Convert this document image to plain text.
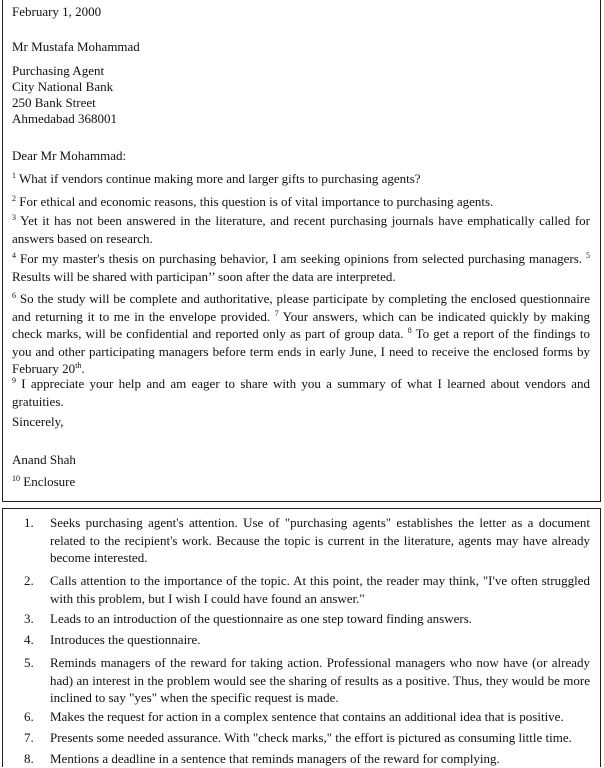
February 1, 2000
Mr Mustafa Mohammad
Purchasing Agent
City National Bank
250 Bank Street
Ahmedabad 368001
Dear Mr Mohammad:
$^1$ What if vendors continue making more and larger gifts to purchasing agents?
$^2$ For ethical and economic reasons, this question is of vital importance to purchasing agents.
$^3$ Yet it has not been answered in the literature, and recent purchasing journals have emphatically called for answers based on research.
$^4$ For my master's thesis on purchasing behavior, I am seeking opinions from selected purchasing managers. $^5$ Results will be shared with participan’’ soon after the data are interpreted.
$^6$ So the study will be complete and authoritative, please participate by completing the enclosed questionnaire and returning it to me in the envelope provided. $^7$ Your answers, which can be indicated quickly by making check marks, will be confidential and reported only as part of group data. $^8$ To get a report of the findings to you and other participating managers before term ends in early June, I need to receive the enclosed forms by February 20th.
$^9$ I appreciate your help and am eager to share with you a summary of what I learned about vendors and gratuities.
Sincerely,
Anand Shah
$^{10}$ Enclosure
1. Seeks purchasing agent's attention. Use of "purchasing agents" establishes the letter as a document related to the recipient's work. Because the topic is current in the literature, agents may have already become interested.
2. Calls attention to the importance of the topic. At this point, the reader may think, "I've often struggled with this problem, but I wish I could have found an answer."
3. Leads to an introduction of the questionnaire as one step toward finding answers.
4. Introduces the questionnaire.
5. Reminds managers of the reward for taking action. Professional managers who now have (or already had) an interest in the problem would see the sharing of results as a positive. Thus, they would be more inclined to say "yes" when the specific request is made.
6. Makes the request for action in a complex sentence that contains an additional idea that is positive.
7. Presents some needed assurance. With "check marks," the effort is pictured as consuming little time.
8. Mentions a deadline in a sentence that reminds managers of the reward for complying.
